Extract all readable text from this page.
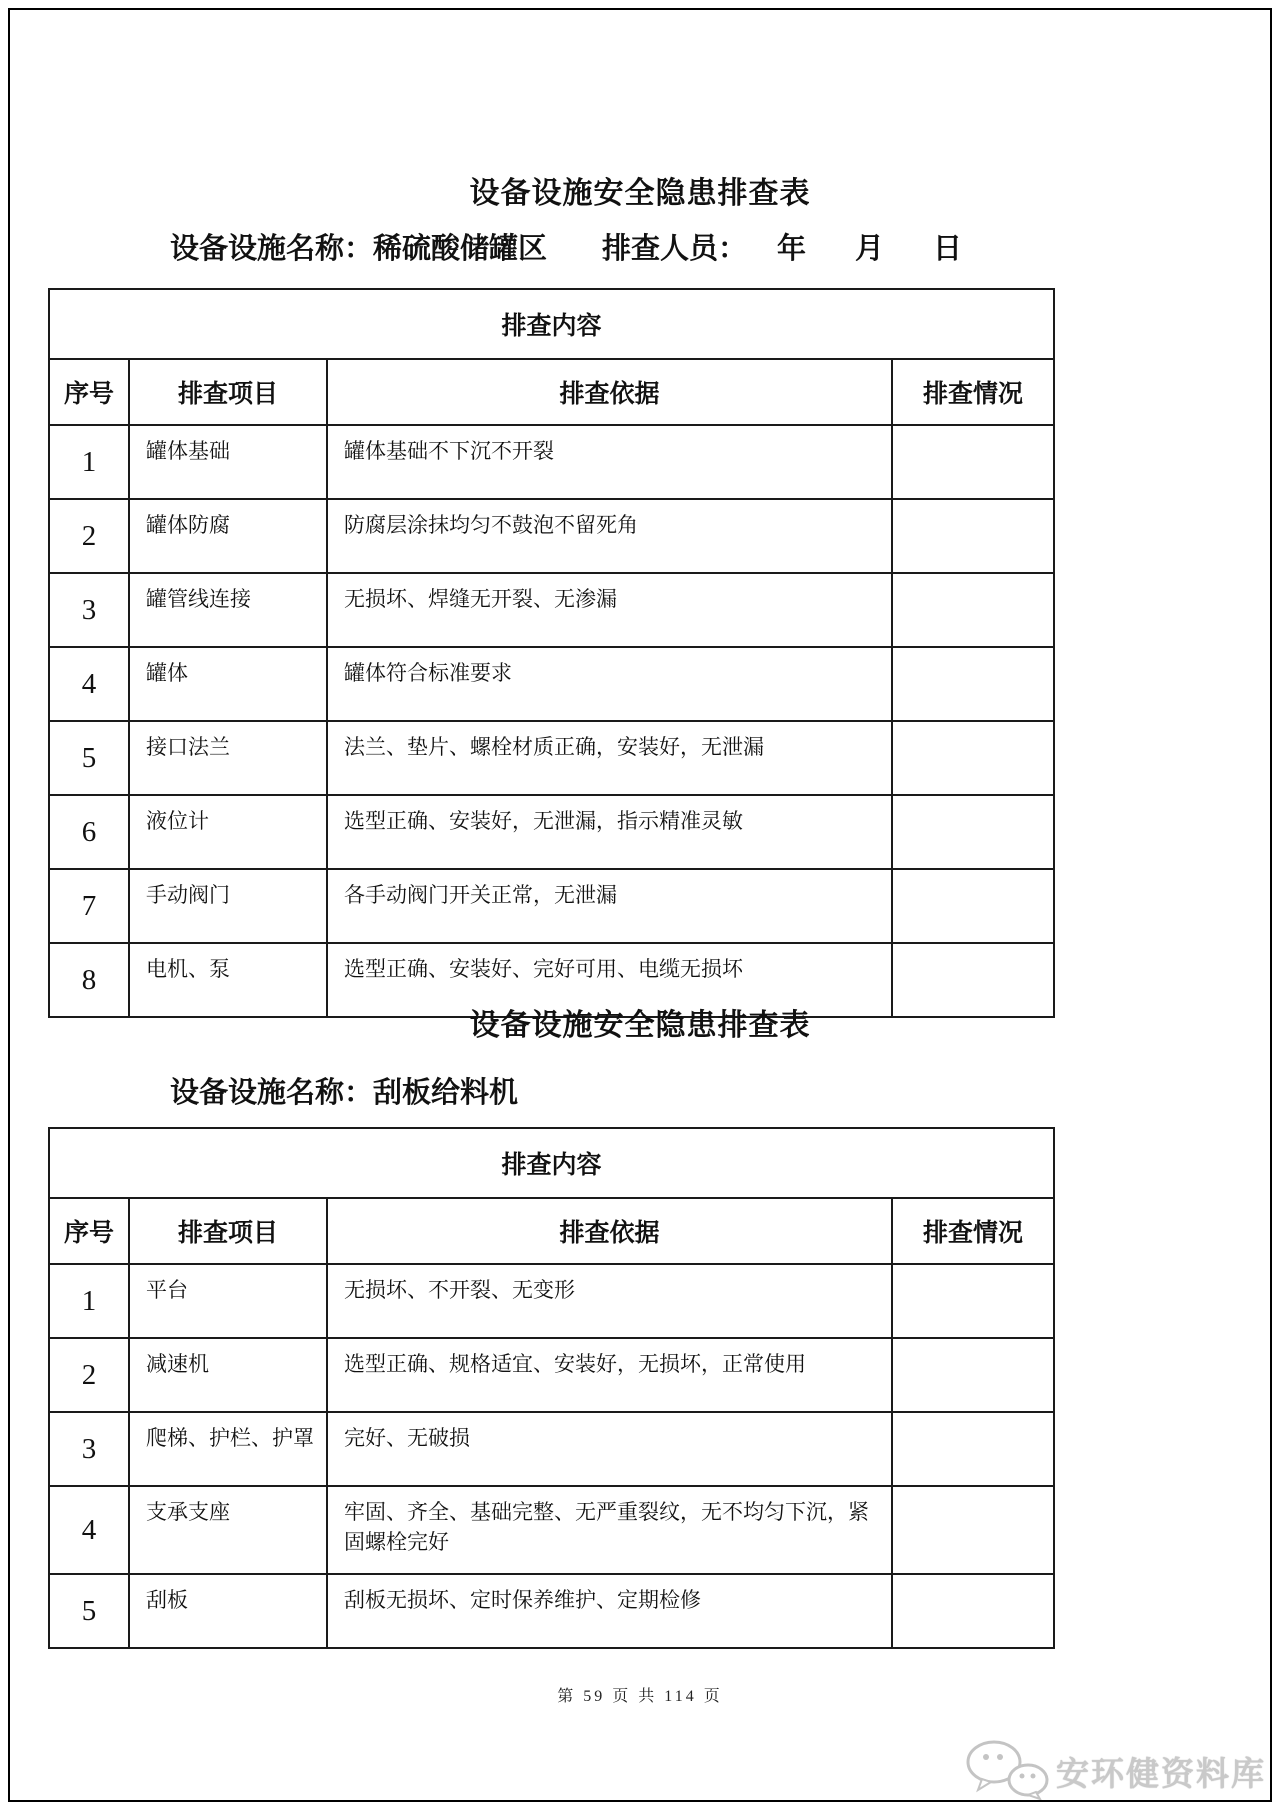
设备设施安全隐患排查表
设备设施名称：稀硫酸储罐区 排查人员： 年　月　日
排查内容			
序号	排查项目	排查依据	排查情况
1	罐体基础	罐体基础不下沉不开裂	
2	罐体防腐	防腐层涂抹均匀不鼓泡不留死角	
3	罐管线连接	无损坏、焊缝无开裂、无渗漏	
4	罐体	罐体符合标准要求	
5	接口法兰	法兰、垫片、螺栓材质正确，安装好，无泄漏	
6	液位计	选型正确、安装好，无泄漏，指示精准灵敏	
7	手动阀门	各手动阀门开关正常，无泄漏	
8	电机、泵	选型正确、安装好、完好可用、电缆无损坏	
设备设施安全隐患排查表
设备设施名称：刮板给料机
排查内容			
序号	排查项目	排查依据	排查情况
1	平台	无损坏、不开裂、无变形	
2	减速机	选型正确、规格适宜、安装好，无损坏，正常使用	
3	爬梯、护栏、护罩	完好、无破损	
4	支承支座	牢固、齐全、基础完整、无严重裂纹，无不均匀下沉，紧固螺栓完好	
5	刮板	刮板无损坏、定时保养维护、定期检修	
第 59 页 共 114 页
安环健资料库
